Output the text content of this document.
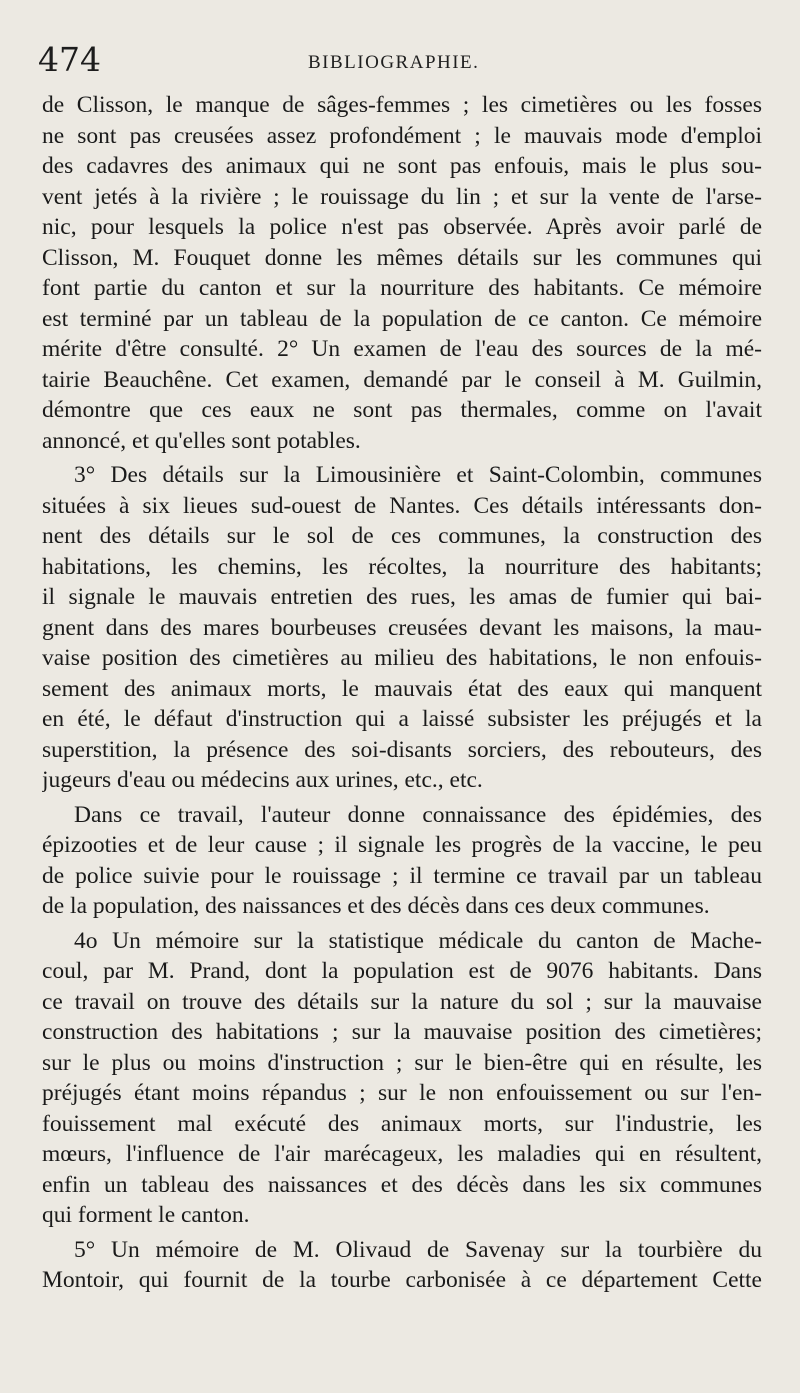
474	BIBLIOGRAPHIE.
de Clisson, le manque de sâges-femmes ; les cimetières ou les fosses
ne sont pas creusées assez profondément ; le mauvais mode d'emploi
des cadavres des animaux qui ne sont pas enfouis, mais le plus sou-
vent jetés à la rivière ; le rouissage du lin ; et sur la vente de l'arse-
nic, pour lesquels la police n'est pas observée. Après avoir parlé de
Clisson, M. Fouquet donne les mêmes détails sur les communes qui
font partie du canton et sur la nourriture des habitants. Ce mémoire
est terminé par un tableau de la population de ce canton. Ce mémoire
mérite d'être consulté. 2° Un examen de l'eau des sources de la mé-
tairie Beauchêne. Cet examen, demandé par le conseil à M. Guilmin,
démontre que ces eaux ne sont pas thermales, comme on l'avait
annoncé, et qu'elles sont potables.
3° Des détails sur la Limousinière et Saint-Colombin, communes
situées à six lieues sud-ouest de Nantes. Ces détails intéressants don-
nent des détails sur le sol de ces communes, la construction des
habitations, les chemins, les récoltes, la nourriture des habitants;
il signale le mauvais entretien des rues, les amas de fumier qui bai-
gnent dans des mares bourbeuses creusées devant les maisons, la mau-
vaise position des cimetières au milieu des habitations, le non enfouis-
sement des animaux morts, le mauvais état des eaux qui manquent
en été, le défaut d'instruction qui a laissé subsister les préjugés et la
superstition, la présence des soi-disants sorciers, des rebouteurs, des
jugeurs d'eau ou médecins aux urines, etc., etc.
Dans ce travail, l'auteur donne connaissance des épidémies, des
épizooties et de leur cause ; il signale les progrès de la vaccine, le peu
de police suivie pour le rouissage ; il termine ce travail par un tableau
de la population, des naissances et des décès dans ces deux communes.
4o Un mémoire sur la statistique médicale du canton de Mache-
coul, par M. Prand, dont la population est de 9076 habitants. Dans
ce travail on trouve des détails sur la nature du sol ; sur la mauvaise
construction des habitations ; sur la mauvaise position des cimetières;
sur le plus ou moins d'instruction ; sur le bien-être qui en résulte, les
préjugés étant moins répandus ; sur le non enfouissement ou sur l'en-
fouissement mal exécuté des animaux morts, sur l'industrie, les
mœurs, l'influence de l'air marécageux, les maladies qui en résultent,
enfin un tableau des naissances et des décès dans les six communes
qui forment le canton.
5° Un mémoire de M. Olivaud de Savenay sur la tourbière du
Montoir, qui fournit de la tourbe carbonisée à ce département Cette
